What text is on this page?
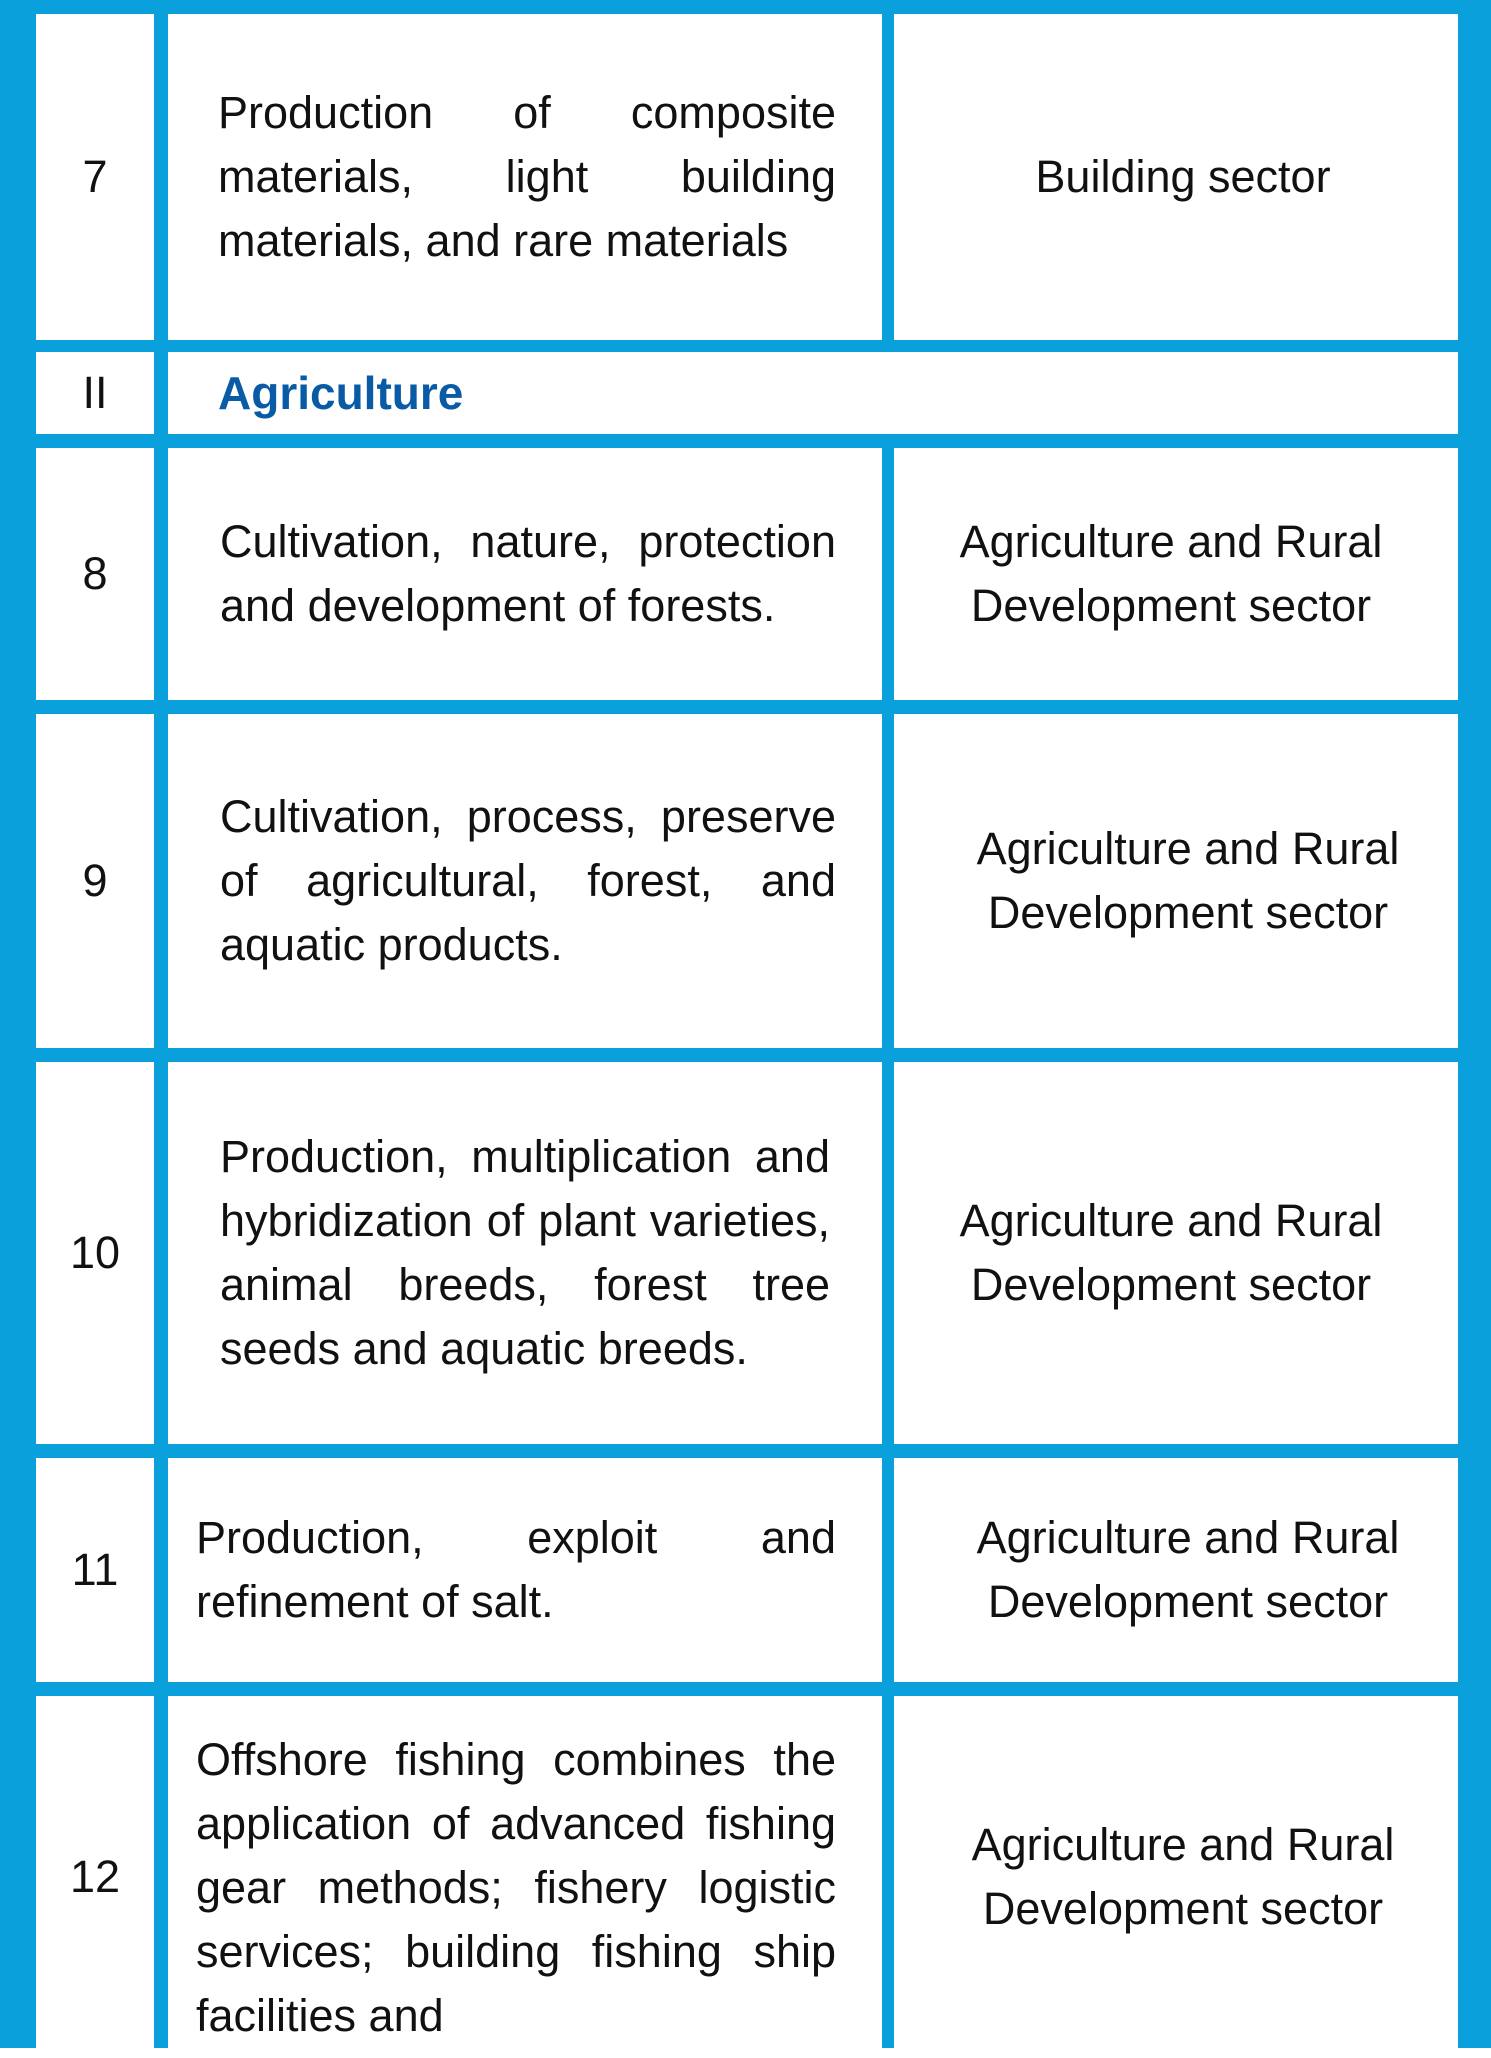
7
Production of composite materials, light building materials, and rare materials
Building sector
II Agriculture
8
Cultivation, nature, protection and development of forests.
Agriculture and Rural Development sector
9
Cultivation, process, preserve of agricultural, forest, and aquatic products.
Agriculture and Rural Development sector
10
Production, multiplication and hybridization of plant varieties, animal breeds, forest tree seeds and aquatic breeds.
Agriculture and Rural Development sector
11
Production, exploit and refinement of salt.
Agriculture and Rural Development sector
12
Offshore fishing combines the application of advanced fishing gear methods; fishery logistic services; building fishing ship facilities and
Agriculture and Rural Development sector
